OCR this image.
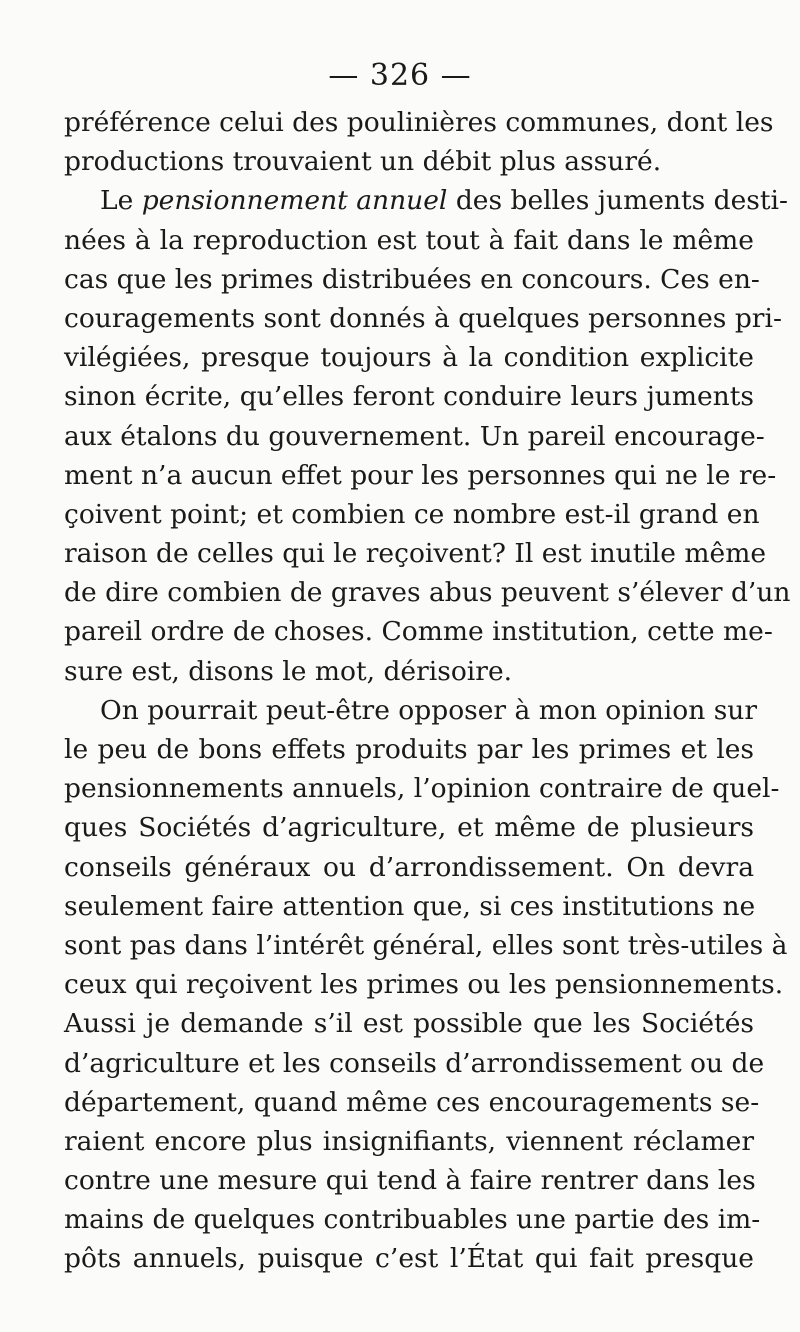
— 326 —
préférence celui des poulinières communes, dont les
productions trouvaient un débit plus assuré.
Le pensionnement annuel des belles juments desti-
nées à la reproduction est tout à fait dans le même
cas que les primes distribuées en concours. Ces en-
couragements sont donnés à quelques personnes pri-
vilégiées, presque toujours à la condition explicite
sinon écrite, qu’elles feront conduire leurs juments
aux étalons du gouvernement. Un pareil encourage-
ment n’a aucun effet pour les personnes qui ne le re-
çoivent point; et combien ce nombre est-il grand en
raison de celles qui le reçoivent? Il est inutile même
de dire combien de graves abus peuvent s’élever d’un
pareil ordre de choses. Comme institution, cette me-
sure est, disons le mot, dérisoire.
On pourrait peut-être opposer à mon opinion sur
le peu de bons effets produits par les primes et les
pensionnements annuels, l’opinion contraire de quel-
ques Sociétés d’agriculture, et même de plusieurs
conseils généraux ou d’arrondissement. On devra
seulement faire attention que, si ces institutions ne
sont pas dans l’intérêt général, elles sont très-utiles à
ceux qui reçoivent les primes ou les pensionnements.
Aussi je demande s’il est possible que les Sociétés
d’agriculture et les conseils d’arrondissement ou de
département, quand même ces encouragements se-
raient encore plus insignifiants, viennent réclamer
contre une mesure qui tend à faire rentrer dans les
mains de quelques contribuables une partie des im-
pôts annuels, puisque c’est l’État qui fait presque
